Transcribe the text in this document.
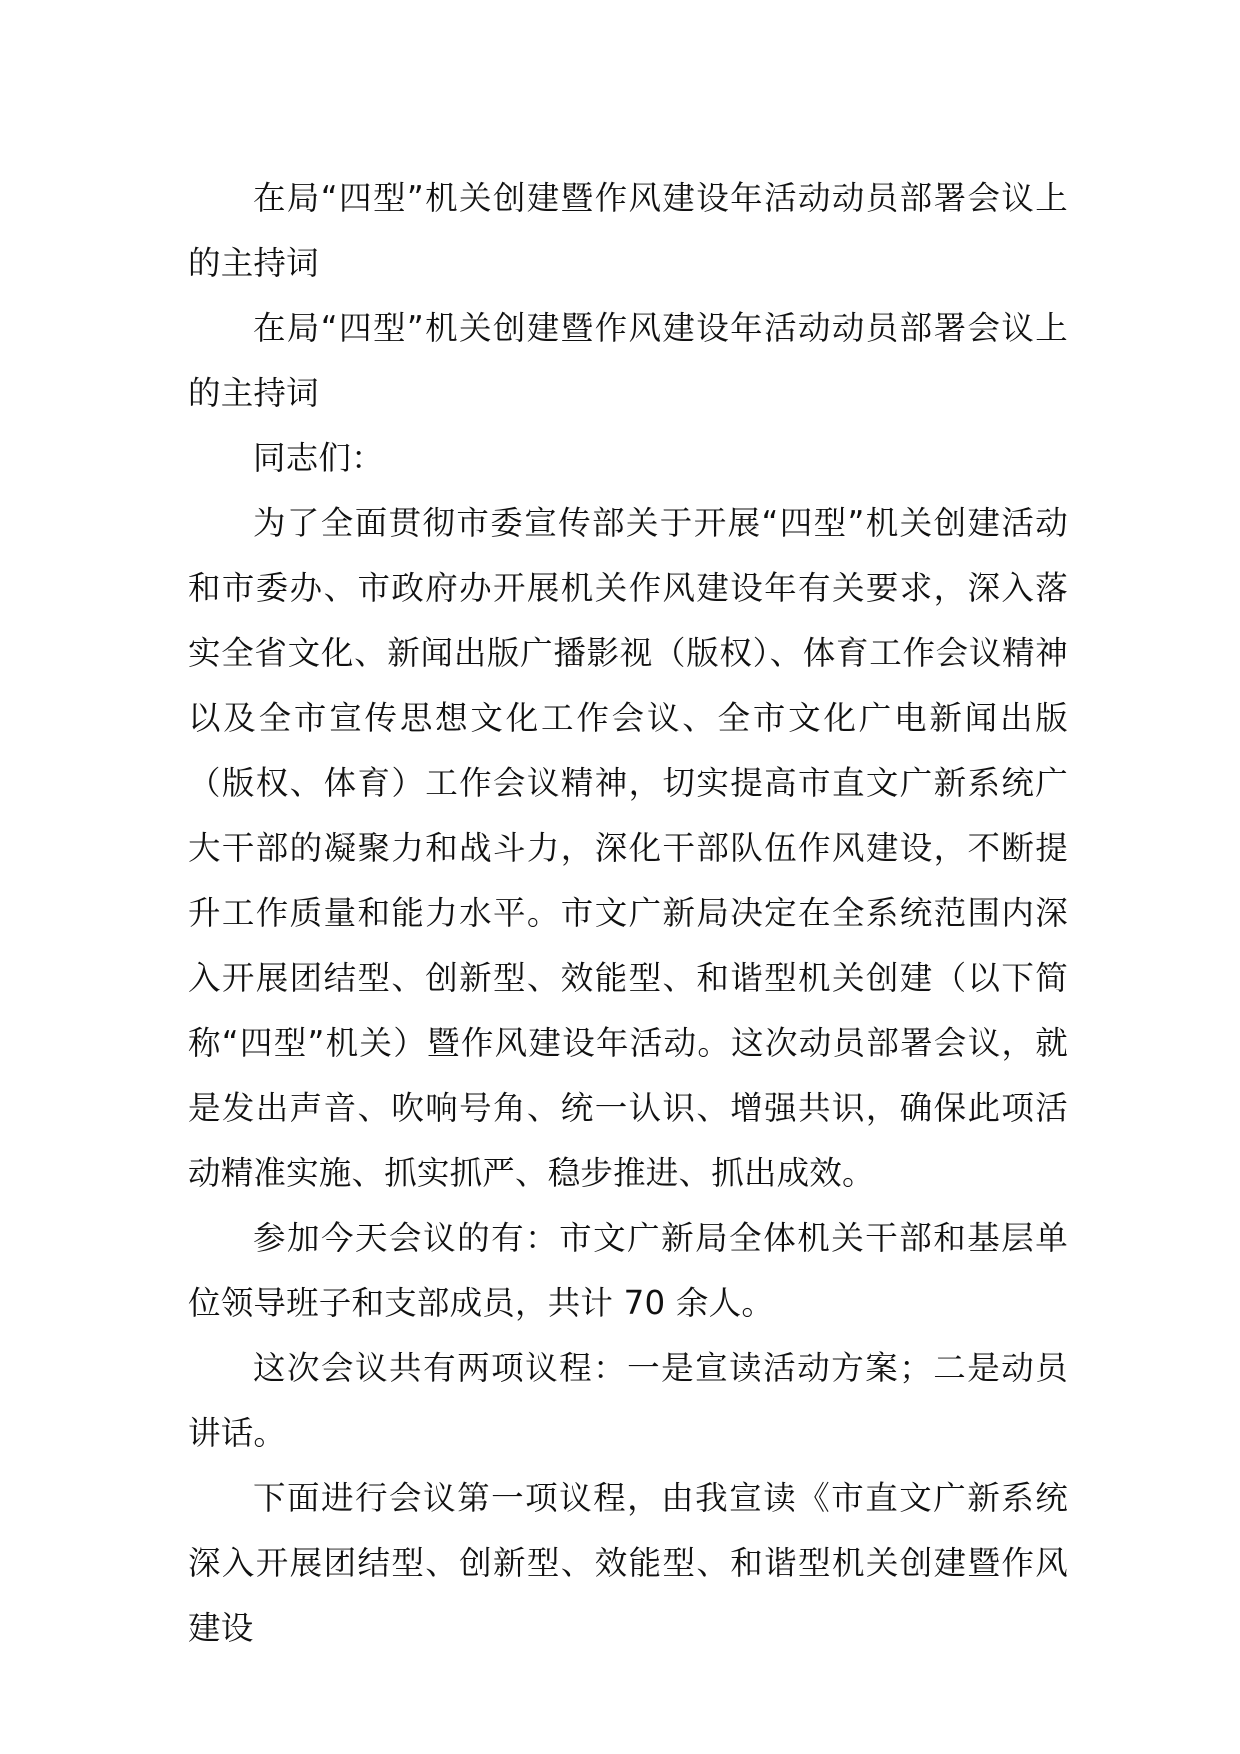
在局“四型”机关创建暨作风建设年活动动员部署会议上的主持词

在局“四型”机关创建暨作风建设年活动动员部署会议上的主持词

同志们：

为了全面贯彻市委宣传部关于开展“四型”机关创建活动和市委办、市政府办开展机关作风建设年有关要求，深入落实全省文化、新闻出版广播影视（版权）、体育工作会议精神以及全市宣传思想文化工作会议、全市文化广电新闻出版（版权、体育）工作会议精神，切实提高市直文广新系统广大干部的凝聚力和战斗力，深化干部队伍作风建设，不断提升工作质量和能力水平。市文广新局决定在全系统范围内深入开展团结型、创新型、效能型、和谐型机关创建（以下简称“四型”机关）暨作风建设年活动。这次动员部署会议，就是发出声音、吹响号角、统一认识、增强共识，确保此项活动精准实施、抓实抓严、稳步推进、抓出成效。

参加今天会议的有：市文广新局全体机关干部和基层单位领导班子和支部成员，共计 70 余人。

这次会议共有两项议程：一是宣读活动方案；二是动员讲话。

下面进行会议第一项议程，由我宣读《市直文广新系统深入开展团结型、创新型、效能型、和谐型机关创建暨作风建设
